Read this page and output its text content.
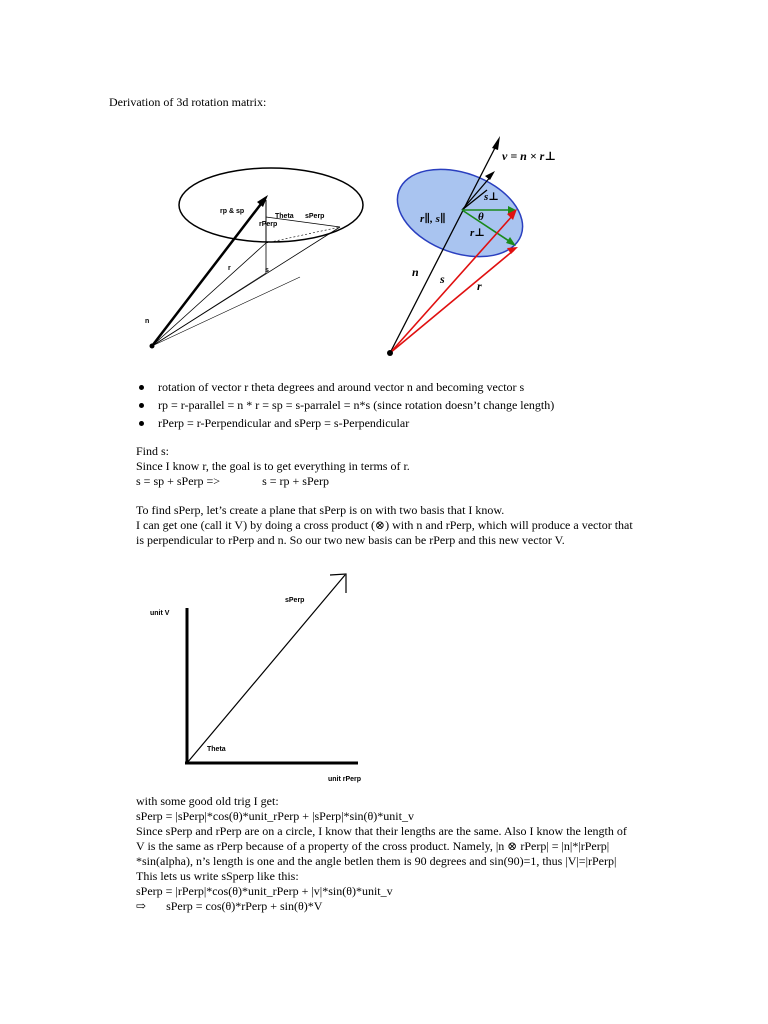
Derivation of 3d rotation matrix:
rp & sp
Theta sPerp
rPerp
r	s
n
v = n × r⊥
s⊥
θ
r∥, s∥
r⊥
n s	r
rotation of vector r theta degrees and around vector n and becoming vector s
rp = r-parallel = n * r = sp = s-parralel = n*s (since rotation doesn’t change length)
rPerp = r-Perpendicular and sPerp = s-Perpendicular
Find s:
Since I know r, the goal is to get everything in terms of r.
s = sp + sPerp =>	s = rp + sPerp
To find sPerp, let’s create a plane that sPerp is on with two basis that I know.
I can get one (call it V) by doing a cross product (⊗) with n and rPerp, which will produce a vector that
is perpendicular to rPerp and n. So our two new basis can be rPerp and this new vector V.
unit V
sPerp
Theta
unit rPerp
with some good old trig I get:
sPerp = |sPerp|*cos(θ)*unit_rPerp + |sPerp|*sin(θ)*unit_v
Since sPerp and rPerp are on a circle, I know that their lengths are the same. Also I know the length of
V is the same as rPerp because of a property of the cross product. Namely, |n ⊗ rPerp| = |n|*|rPerp|
*sin(alpha), n’s length is one and the angle betlen them is 90 degrees and sin(90)=1, thus |V|=|rPerp|
This lets us write sSperp like this:
sPerp = |rPerp|*cos(θ)*unit_rPerp + |v|*sin(θ)*unit_v
⇨ sPerp = cos(θ)*rPerp + sin(θ)*V
